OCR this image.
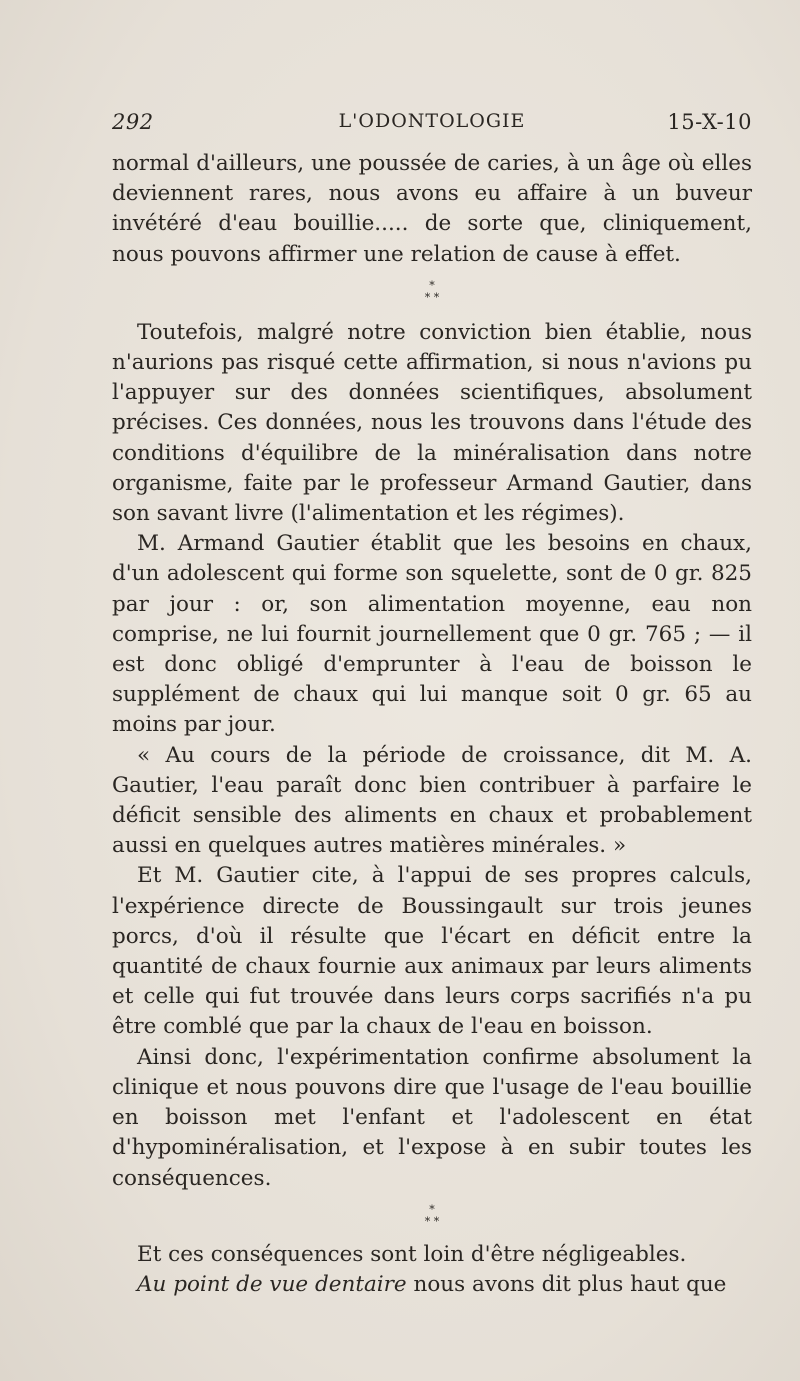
292	L'ODONTOLOGIE	15-X-10

normal d'ailleurs, une poussée de caries, à un âge où elles deviennent rares, nous avons eu affaire à un buveur invétéré d'eau bouillie..... de sorte que, cliniquement, nous pouvons affirmer une relation de cause à effet.

*
* *

Toutefois, malgré notre conviction bien établie, nous n'aurions pas risqué cette affirmation, si nous n'avions pu l'appuyer sur des données scientifiques, absolument précises. Ces données, nous les trouvons dans l'étude des conditions d'équilibre de la minéralisation dans notre organisme, faite par le professeur Armand Gautier, dans son savant livre (l'alimentation et les régimes).

M. Armand Gautier établit que les besoins en chaux, d'un adolescent qui forme son squelette, sont de 0 gr. 825 par jour : or, son alimentation moyenne, eau non comprise, ne lui fournit journellement que 0 gr. 765 ; — il est donc obligé d'emprunter à l'eau de boisson le supplément de chaux qui lui manque soit 0 gr. 65 au moins par jour.

« Au cours de la période de croissance, dit M. A. Gautier, l'eau paraît donc bien contribuer à parfaire le déficit sensible des aliments en chaux et probablement aussi en quelques autres matières minérales. »

Et M. Gautier cite, à l'appui de ses propres calculs, l'expérience directe de Boussingault sur trois jeunes porcs, d'où il résulte que l'écart en déficit entre la quantité de chaux fournie aux animaux par leurs aliments et celle qui fut trouvée dans leurs corps sacrifiés n'a pu être comblé que par la chaux de l'eau en boisson.

Ainsi donc, l'expérimentation confirme absolument la clinique et nous pouvons dire que l'usage de l'eau bouillie en boisson met l'enfant et l'adolescent en état d'hypominéralisation, et l'expose à en subir toutes les conséquences.

*
* *

Et ces conséquences sont loin d'être négligeables.

Au point de vue dentaire nous avons dit plus haut que
